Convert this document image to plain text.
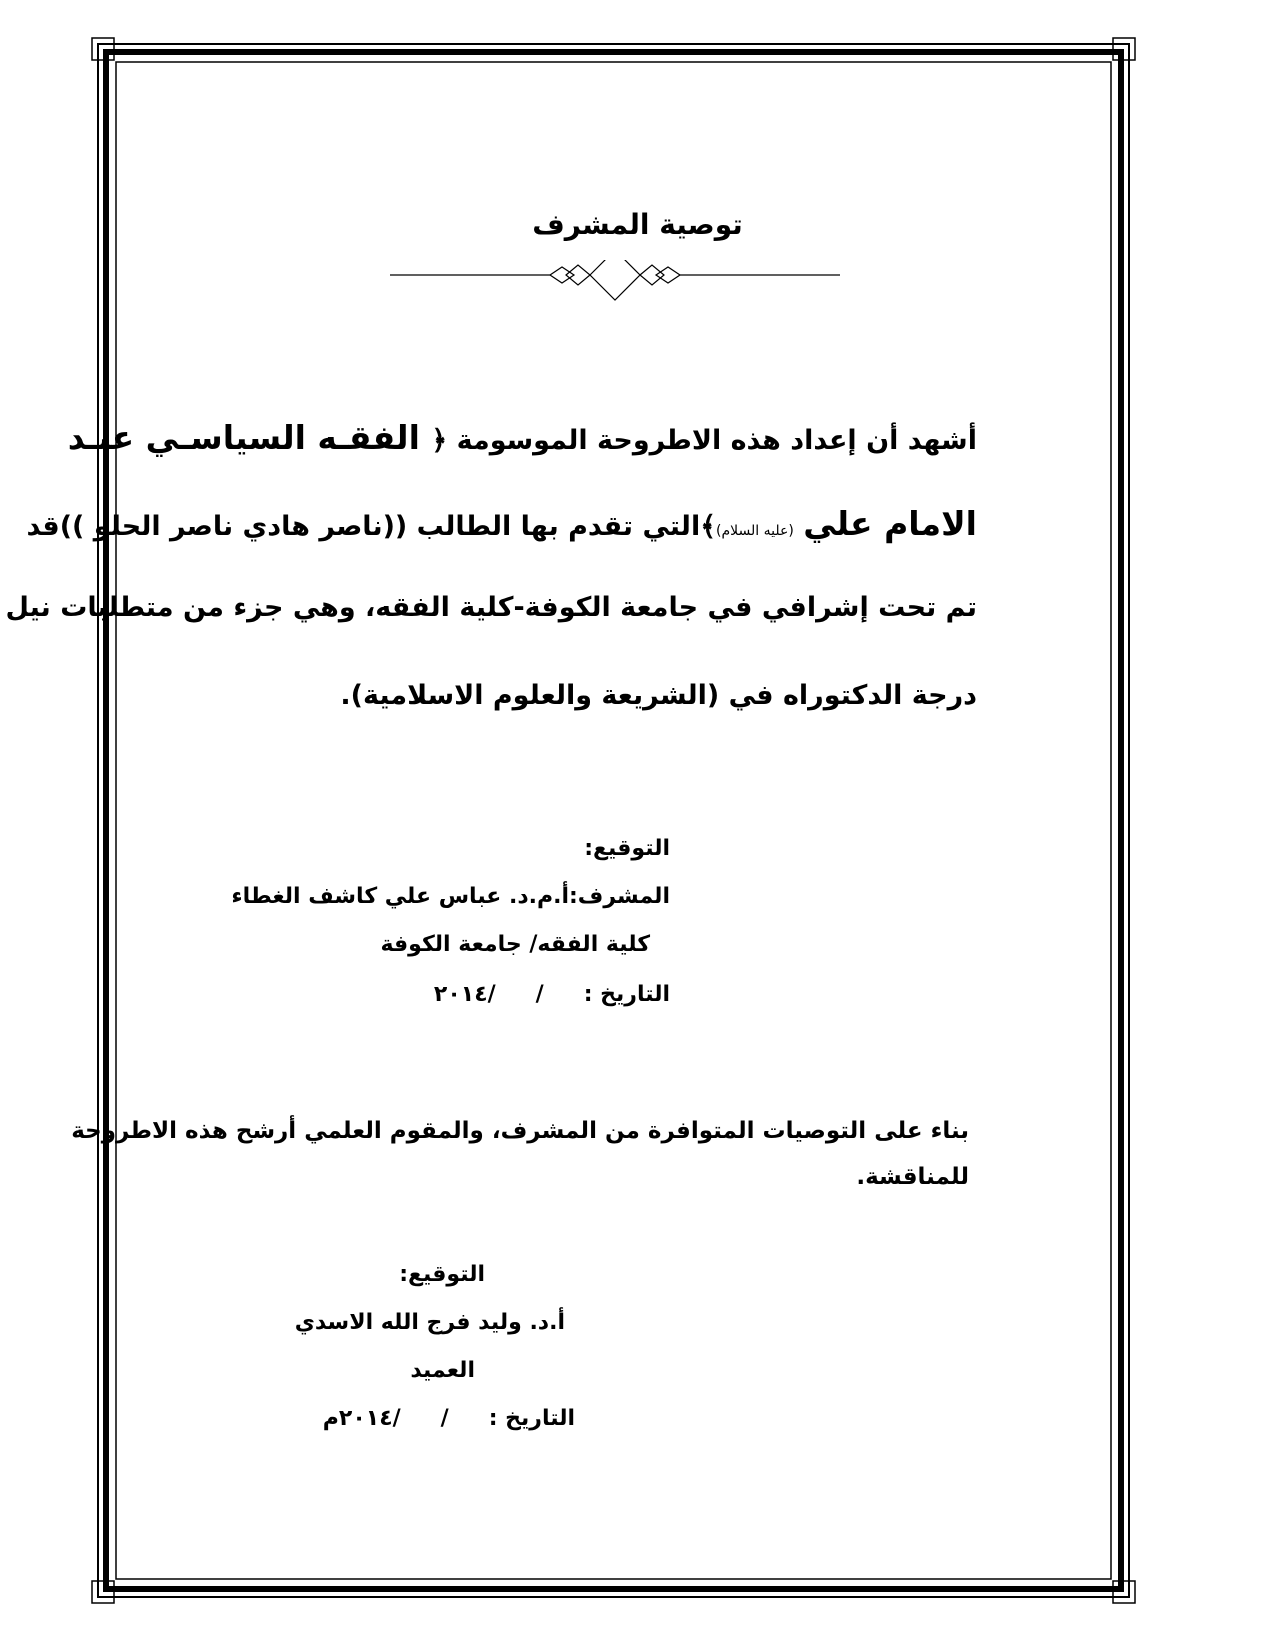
توصية المشرف
أشهد أن إعداد هذه الاطروحة الموسومة ﴿ الفقـه السياسـي عنـد
الامام علي (عليه السلام)﴾التي تقدم بها الطالب ((ناصر هادي ناصر الحلو ))قد
تم تحت إشرافي في جامعة الكوفة-كلية الفقه، وهي جزء من متطلبات نيل
درجة الدكتوراه في (الشريعة والعلوم الاسلامية).
التوقيع:
المشرف:أ.م.د. عباس علي كاشف الغطاء
كلية الفقه/ جامعة الكوفة
التاريخ ://٢٠١٤
بناء على التوصيات المتوافرة من المشرف، والمقوم العلمي أرشح هذه الاطروحة
للمناقشة.
التوقيع:
أ.د. وليد فرج الله الاسدي
العميد
التاريخ ://٢٠١٤م
